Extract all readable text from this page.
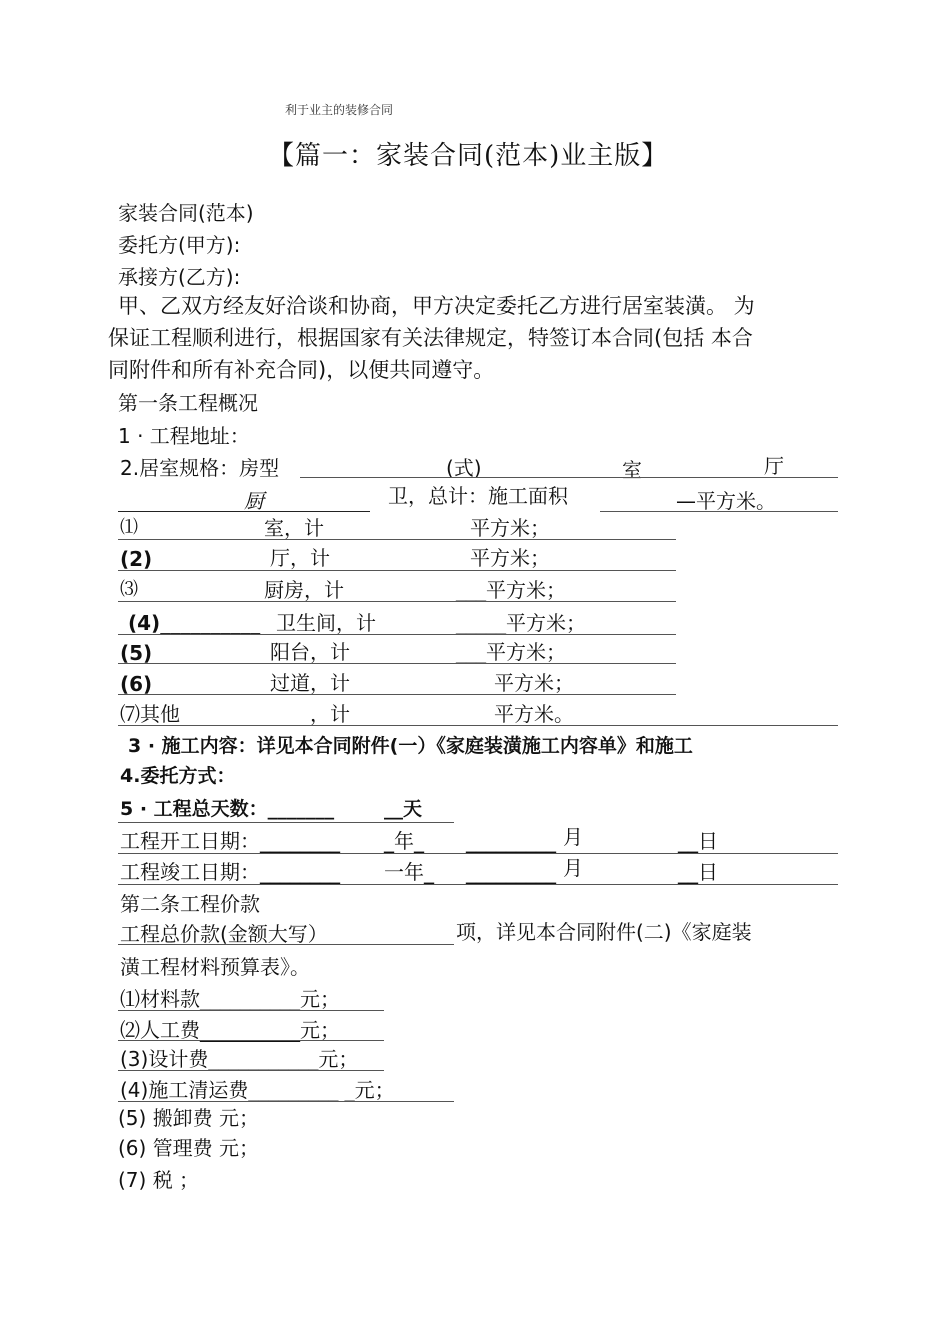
利于业主的装修合同
【篇一：家装合同(范本)业主版】
家装合同(范本)
委托方(甲方):
承接方(乙方):
甲、乙双方经友好洽谈和协商，甲方决定委托乙方进行居室装潢。 为
保证工程顺利进行，根据国家有关法律规定，特签订本合同(包括 本合
同附件和所有补充合同)，以便共同遵守。
第一条工程概况
1 · 工程地址：
2.居室规格：房型	(式)	室	厅
厨	卫，总计：施工面积	—平方米。
⑴	室，计	平方米；
(2)	厅，计	平方米；
⑶	厨房，计	___平方米；
(4)__________ 卫生间，计	_____平方米；
(5)	阳台，计	___平方米；
(6)	过道，计	平方米；
⑺其他	，计	平方米。
3 · 施工内容：详见本合同附件(一）《家庭装潢施工内容单》和施工
4.委托方式：
5 · 工程总天数：_______	__天
工程开工日期：________ _年_ _________ 月	__日
工程竣工日期：________ 一年_ _________ 月	__日
第二条工程价款
工程总价款(金额大写）	项，详见本合同附件(二)《家庭装
潢工程材料预算表》。
⑴材料款__________元；
⑵人工费__________元；
(3)设计费___________元；
(4)施工清运费_________ _元；
(5) 搬卸费 元；
(6) 管理费 元；
(7) 税 ；
